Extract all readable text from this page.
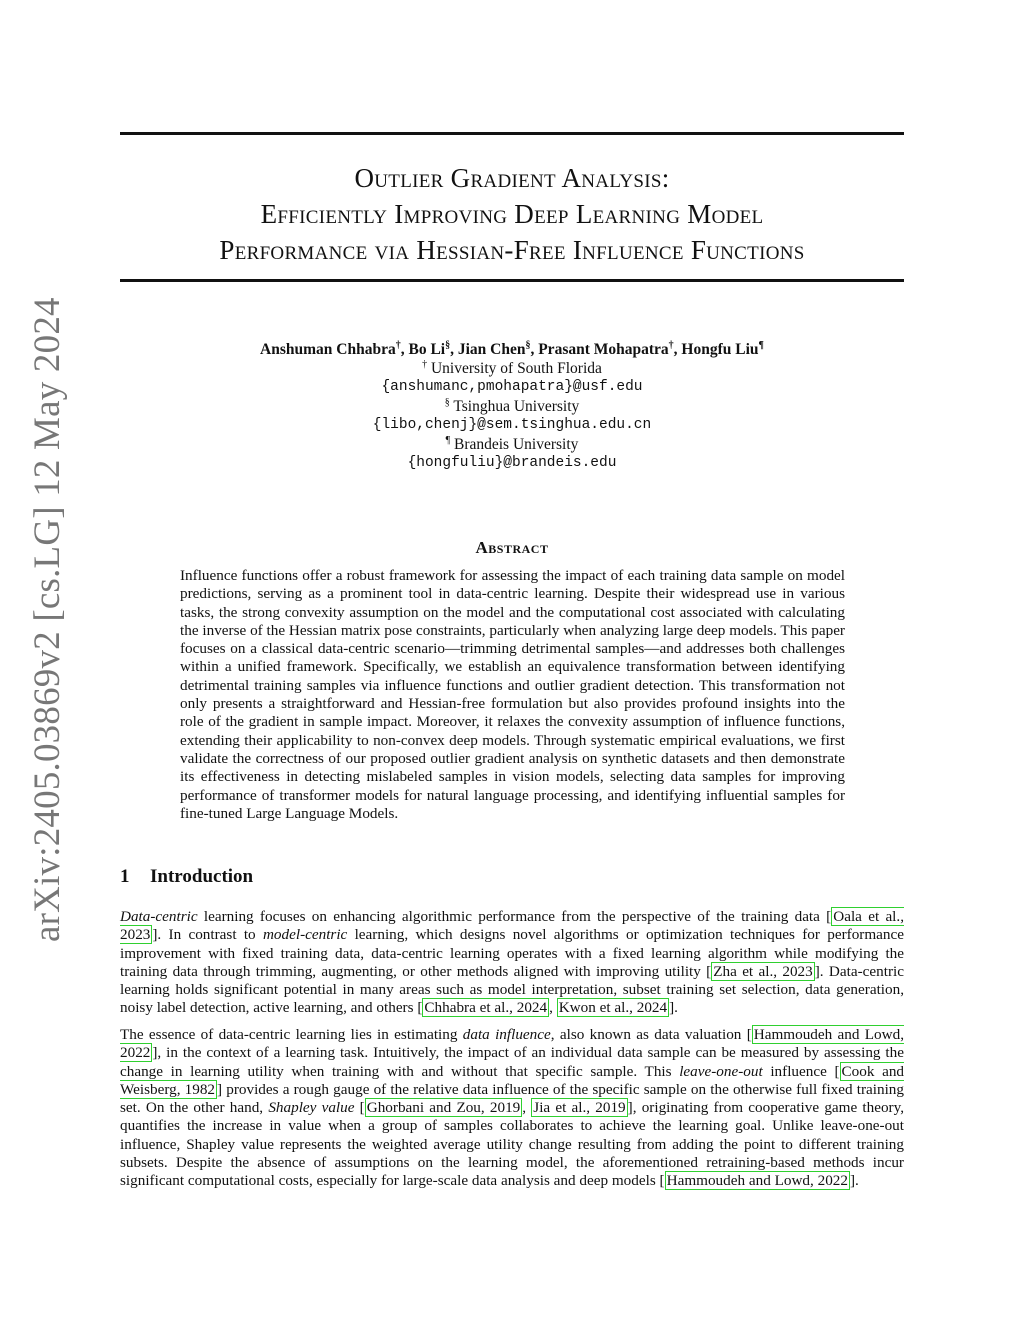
arXiv:2405.03869v2 [cs.LG] 12 May 2024
Outlier Gradient Analysis:
Efficiently Improving Deep Learning Model
Performance via Hessian-Free Influence Functions
Anshuman Chhabra†, Bo Li§, Jian Chen§, Prasant Mohapatra†, Hongfu Liu¶
† University of South Florida
{anshumanc,pmohapatra}@usf.edu
§ Tsinghua University
{libo,chenj}@sem.tsinghua.edu.cn
¶ Brandeis University
{hongfuliu}@brandeis.edu
Abstract
Influence functions offer a robust framework for assessing the impact of each training data sample on model predictions, serving as a prominent tool in data-centric learning. Despite their widespread use in various tasks, the strong convexity assumption on the model and the computational cost associated with calculating the inverse of the Hessian matrix pose constraints, particularly when analyzing large deep models. This paper focuses on a classical data-centric scenario—trimming detrimental samples—and addresses both challenges within a unified framework. Specifically, we establish an equivalence transformation between identifying detrimental training samples via influence functions and outlier gradient detection. This transformation not only presents a straightforward and Hessian-free formulation but also provides profound insights into the role of the gradient in sample impact. Moreover, it relaxes the convexity assumption of influence functions, extending their applicability to non-convex deep models. Through systematic empirical evaluations, we first validate the correctness of our proposed outlier gradient analysis on synthetic datasets and then demonstrate its effectiveness in detecting mislabeled samples in vision models, selecting data samples for improving performance of transformer models for natural language processing, and identifying influential samples for fine-tuned Large Language Models.
1 Introduction
Data-centric learning focuses on enhancing algorithmic performance from the perspective of the training data [ Oala et al., 2023 ]. In contrast to model-centric learning, which designs novel algorithms or optimization techniques for performance improvement with fixed training data, data-centric learning operates with a fixed learning algorithm while modifying the training data through trimming, augmenting, or other methods aligned with improving utility [ Zha et al., 2023 ]. Data-centric learning holds significant potential in many areas such as model interpretation, subset training set selection, data generation, noisy label detection, active learning, and others [ Chhabra et al., 2024 , Kwon et al., 2024 ].
The essence of data-centric learning lies in estimating data influence, also known as data valuation [ Hammoudeh and Lowd, 2022 ], in the context of a learning task. Intuitively, the impact of an individual data sample can be measured by assessing the change in learning utility when training with and without that specific sample. This leave-one-out influence [ Cook and Weisberg, 1982 ] provides a rough gauge of the relative data influence of the specific sample on the otherwise full fixed training set. On the other hand, Shapley value [ Ghorbani and Zou, 2019 , Jia et al., 2019 ], originating from cooperative game theory, quantifies the increase in value when a group of samples collaborates to achieve the learning goal. Unlike leave-one-out influence, Shapley value represents the weighted average utility change resulting from adding the point to different training subsets. Despite the absence of assumptions on the learning model, the aforementioned retraining-based methods incur significant computational costs, especially for large-scale data analysis and deep models [ Hammoudeh and Lowd, 2022 ].
